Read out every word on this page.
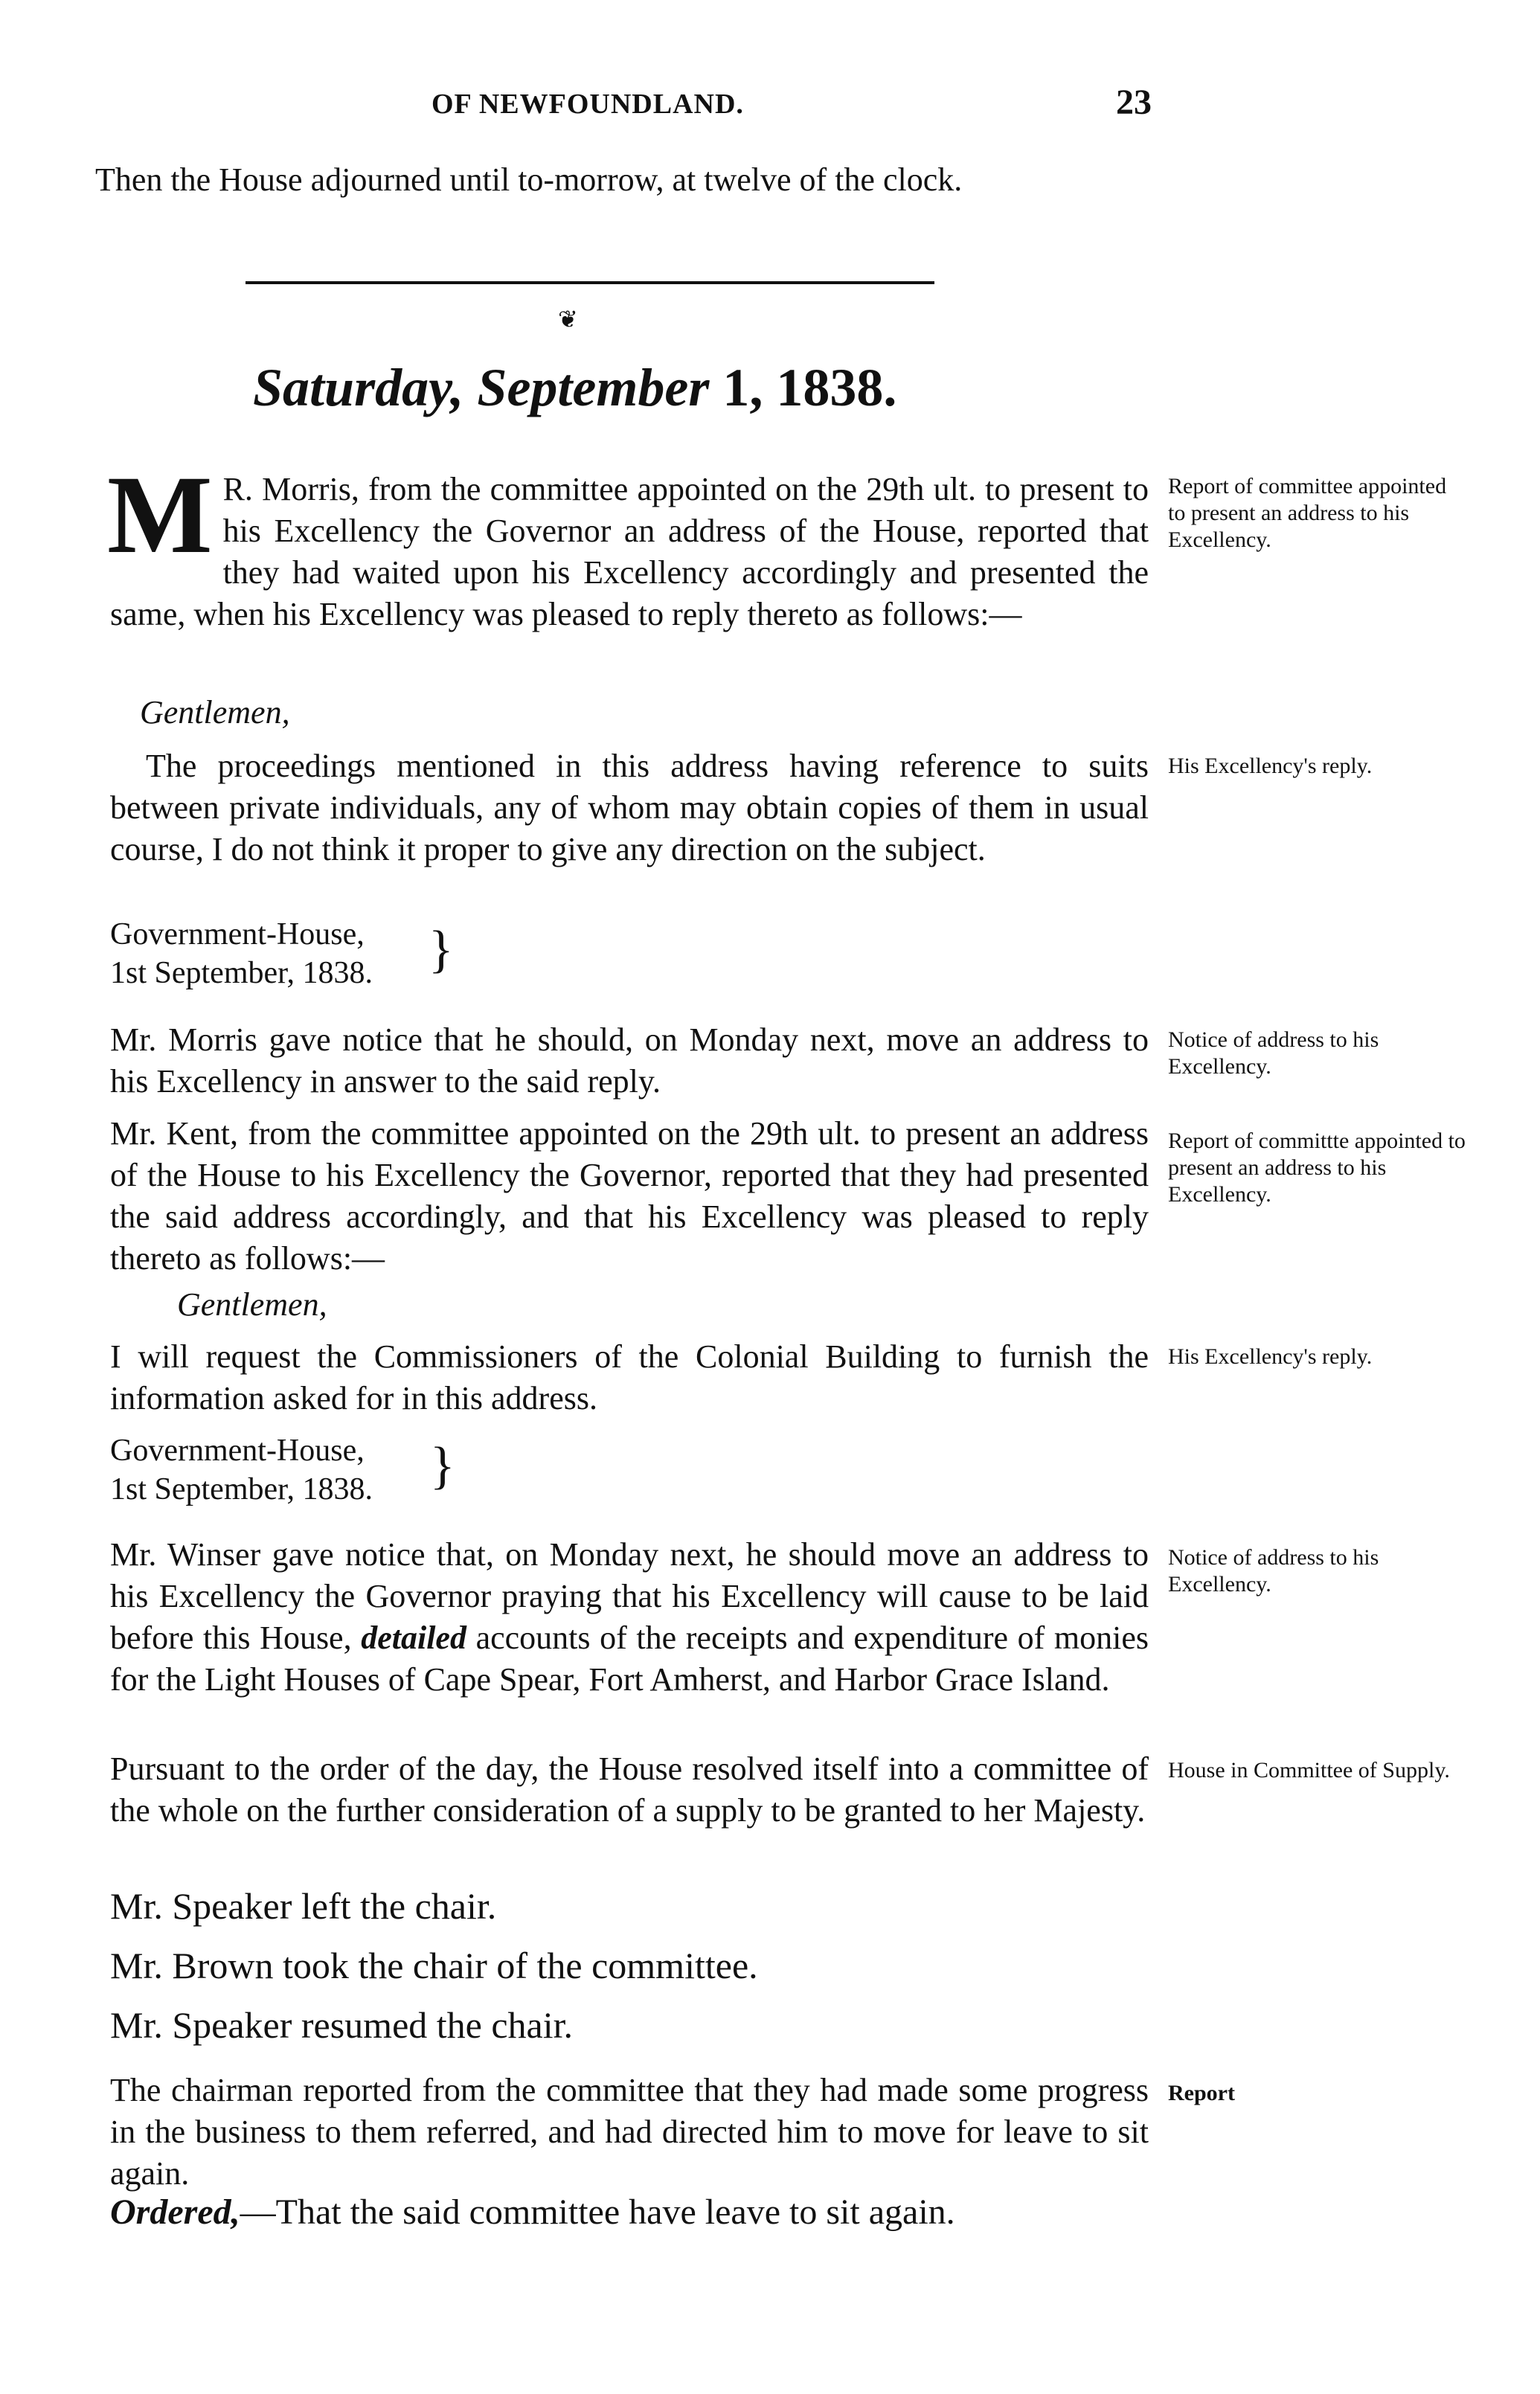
OF NEWFOUNDLAND.	23
Then the House adjourned until to-morrow, at twelve of the clock.
❦
Saturday, September 1, 1838.
M R. Morris, from the committee appointed on the 29th ult. to present to his Excellency the Governor an address of the House, reported that they had waited upon his Excellency accordingly and presented the same, when his Excellency was pleased to reply thereto as follows:—
Gentlemen,
The proceedings mentioned in this address having reference to suits between private individuals, any of whom may obtain copies of them in usual course, I do not think it proper to give any direction on the subject.
Government-House,
1st September, 1838. }
Mr. Morris gave notice that he should, on Monday next, move an address to his Excellency in answer to the said reply.
Mr. Kent, from the committee appointed on the 29th ult. to present an address of the House to his Excellency the Governor, reported that they had presented the said address accordingly, and that his Excellency was pleased to reply thereto as follows:—
Gentlemen,
I will request the Commissioners of the Colonial Building to furnish the information asked for in this address.
Government-House,
1st September, 1838. }
Mr. Winser gave notice that, on Monday next, he should move an address to his Excellency the Governor praying that his Excellency will cause to be laid before this House, detailed accounts of the receipts and expenditure of monies for the Light Houses of Cape Spear, Fort Amherst, and Harbor Grace Island.
Pursuant to the order of the day, the House resolved itself into a committee of the whole on the further consideration of a supply to be granted to her Majesty.
Mr. Speaker left the chair.
Mr. Brown took the chair of the committee.
Mr. Speaker resumed the chair.
The chairman reported from the committee that they had made some progress in the business to them referred, and had directed him to move for leave to sit again.
Ordered,—That the said committee have leave to sit again.
Report of committee appointed to present an address to his Excellency.
His Excellency's reply.
Notice of address to his Excellency.
Report of committte appointed to present an address to his Excellency.
His Excellency's reply.
Notice of address to his Excellency.
House in Committee of Supply.
Report
